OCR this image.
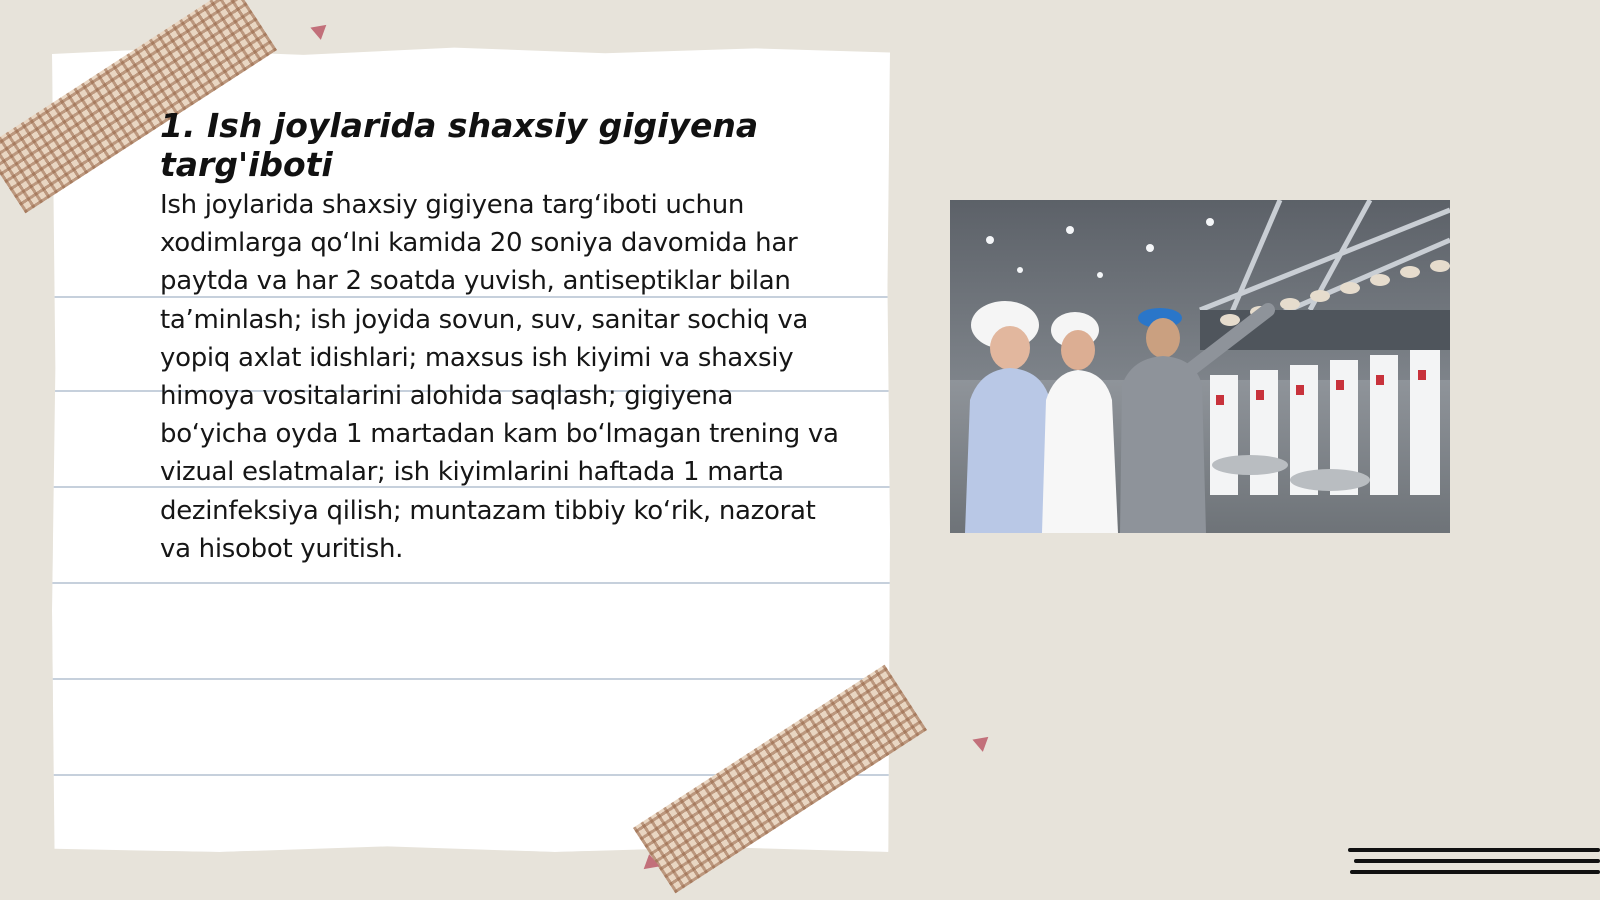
1. Ish joylarida shaxsiy gigiyena targ'iboti

Ish joylarida shaxsiy gigiyena targ‘iboti uchun xodimlarga qo‘lni kamida 20 soniya davomida har paytda va har 2 soatda yuvish, antiseptiklar bilan ta’minlash; ish joyida sovun, suv, sanitar sochiq va yopiq axlat idishlari; maxsus ish kiyimi va shaxsiy himoya vositalarini alohida saqlash; gigiyena bo‘yicha oyda 1 martadan kam bo‘lmagan trening va vizual eslatmalar; ish kiyimlarini haftada 1 marta dezinfeksiya qilish; muntazam tibbiy ko‘rik, nazorat va hisobot yuritish.
